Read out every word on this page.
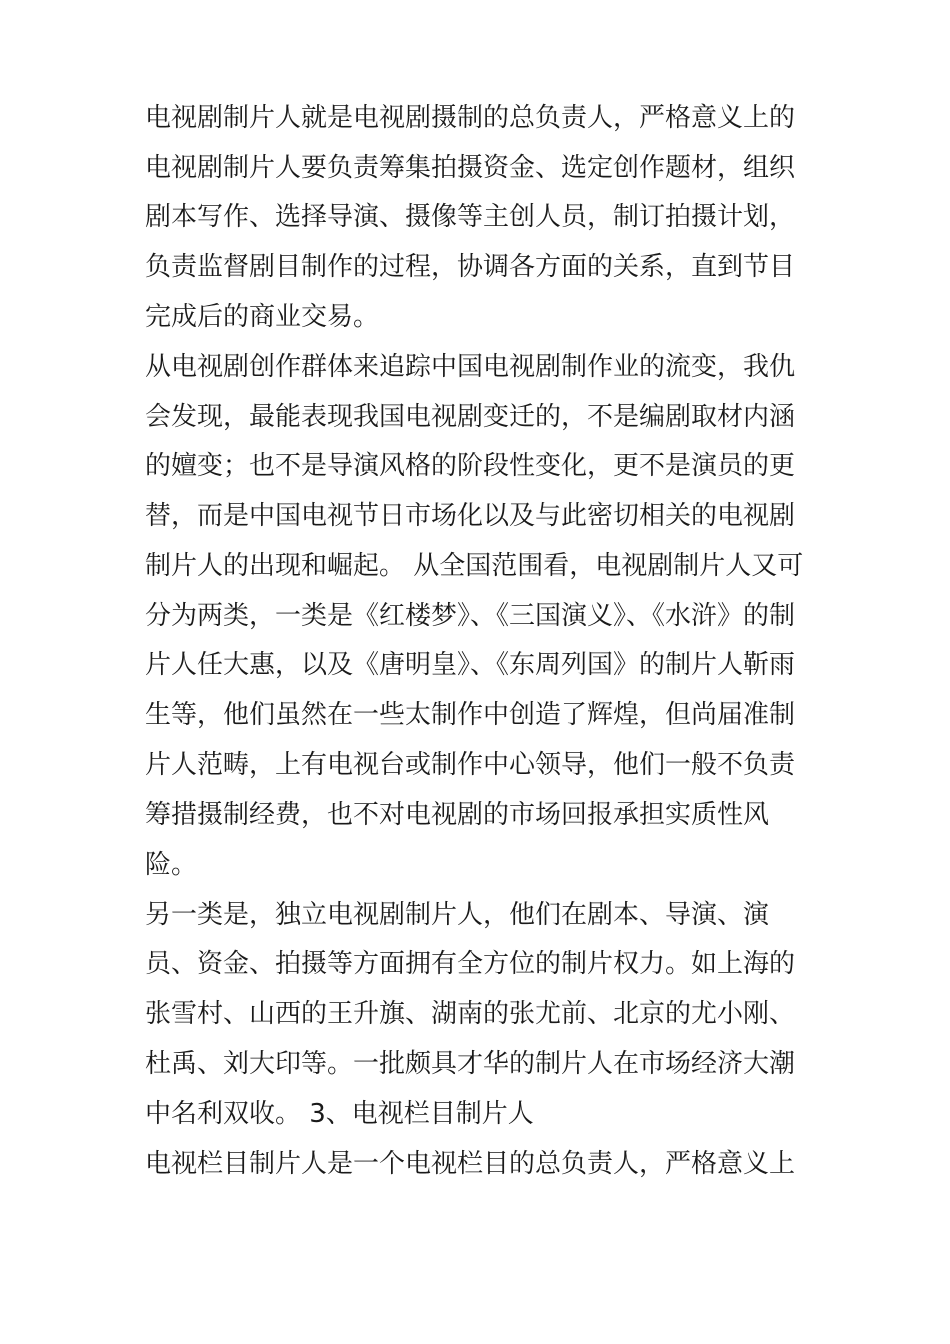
电视剧制片人就是电视剧摄制的总负责人，严格意义上的

电视剧制片人要负责筹集拍摄资金、选定创作题材，组织

剧本写作、选择导演、摄像等主创人员，制订拍摄计划，

负责监督剧目制作的过程，协调各方面的关系，直到节目

完成后的商业交易。

从电视剧创作群体来追踪中国电视剧制作业的流变，我仇

会发现，最能表现我国电视剧变迁的，不是编剧取材内涵

的嬗变；也不是导演风格的阶段性变化，更不是演员的更

替，而是中国电视节日市场化以及与此密切相关的电视剧

制片人的出现和崛起。 从全国范围看，电视剧制片人又可

分为两类，一类是《红楼梦》、《三国演义》、《水浒》的制

片人任大惠，以及《唐明皇》、《东周列国》的制片人靳雨

生等，他们虽然在一些太制作中创造了辉煌，但尚届准制

片人范畴，上有电视台或制作中心领导，他们一般不负责

筹措摄制经费，也不对电视剧的市场回报承担实质性风

险。

另一类是，独立电视剧制片人，他们在剧本、导演、演

员、资金、拍摄等方面拥有全方位的制片权力。如上海的

张雪村、山西的王升旗、湖南的张尤前、北京的尤小刚、

杜禹、刘大印等。一批颇具才华的制片人在市场经济大潮

中名利双收。 3、电视栏目制片人

电视栏目制片人是一个电视栏目的总负责人，严格意义上
